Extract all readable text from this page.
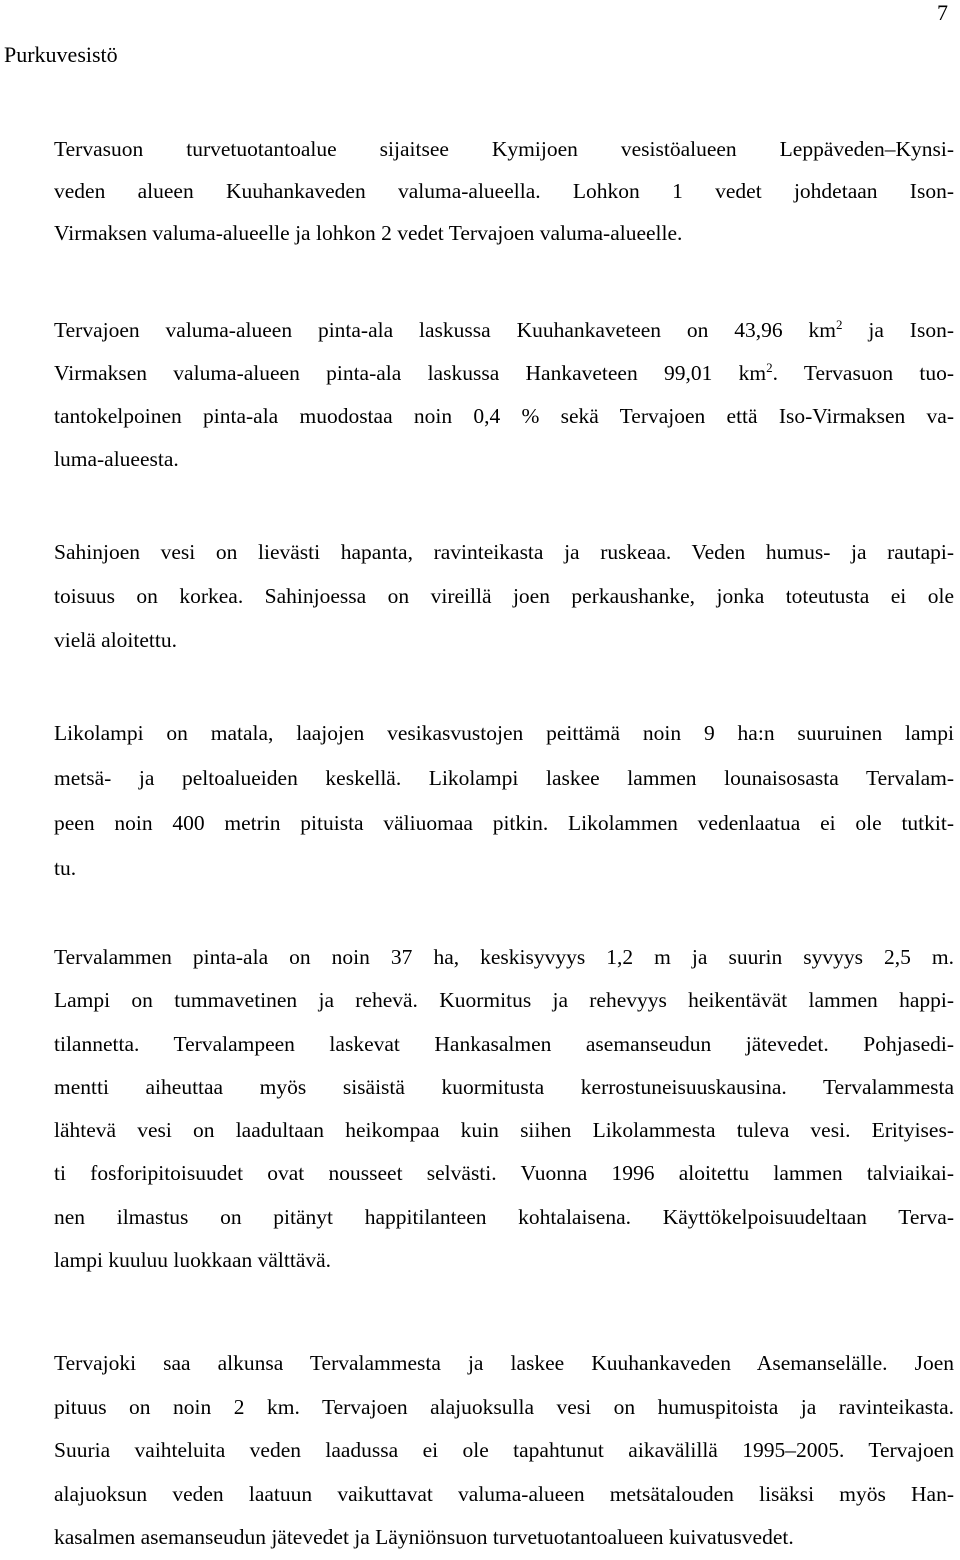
7
Purkuvesistö
Tervasuon turvetuotantoalue sijaitsee Kymijoen vesistöalueen Leppäveden–Kynsi-
veden alueen Kuuhankaveden valuma-alueella. Lohkon 1 vedet johdetaan Ison-
Virmaksen valuma-alueelle ja lohkon 2 vedet Tervajoen valuma-alueelle.
Tervajoen valuma-alueen pinta-ala laskussa Kuuhankaveteen on 43,96 $km^2$ ja Ison-
Virmaksen valuma-alueen pinta-ala laskussa Hankaveteen 99,01 $km^2$. Tervasuon tuo-
tantokelpoinen pinta-ala muodostaa noin 0,4 % sekä Tervajoen että Iso-Virmaksen va-
luma-alueesta.
Sahinjoen vesi on lievästi hapanta, ravinteikasta ja ruskeaa. Veden humus- ja rautapi-
toisuus on korkea. Sahinjoessa on vireillä joen perkaushanke, jonka toteutusta ei ole
vielä aloitettu.
Likolampi on matala, laajojen vesikasvustojen peittämä noin 9 ha:n suuruinen lampi
metsä- ja peltoalueiden keskellä. Likolampi laskee lammen lounaisosasta Tervalam-
peen noin 400 metrin pituista väliuomaa pitkin. Likolammen vedenlaatua ei ole tutkit-
tu.
Tervalammen pinta-ala on noin 37 ha, keskisyvyys 1,2 m ja suurin syvyys 2,5 m.
Lampi on tummavetinen ja rehevä. Kuormitus ja rehevyys heikentävät lammen happi-
tilannetta. Tervalampeen laskevat Hankasalmen asemanseudun jätevedet. Pohjasedi-
mentti aiheuttaa myös sisäistä kuormitusta kerrostuneisuuskausina. Tervalammesta
lähtevä vesi on laadultaan heikompaa kuin siihen Likolammesta tuleva vesi. Erityises-
ti fosforipitoisuudet ovat nousseet selvästi. Vuonna 1996 aloitettu lammen talviaikai-
nen ilmastus on pitänyt happitilanteen kohtalaisena. Käyttökelpoisuudeltaan Terva-
lampi kuuluu luokkaan välttävä.
Tervajoki saa alkunsa Tervalammesta ja laskee Kuuhankaveden Asemanselälle. Joen
pituus on noin 2 km. Tervajoen alajuoksulla vesi on humuspitoista ja ravinteikasta.
Suuria vaihteluita veden laadussa ei ole tapahtunut aikavälillä 1995–2005. Tervajoen
alajuoksun veden laatuun vaikuttavat valuma-alueen metsätalouden lisäksi myös Han-
kasalmen asemanseudun jätevedet ja Läyniönsuon turvetuotantoalueen kuivatusvedet.
